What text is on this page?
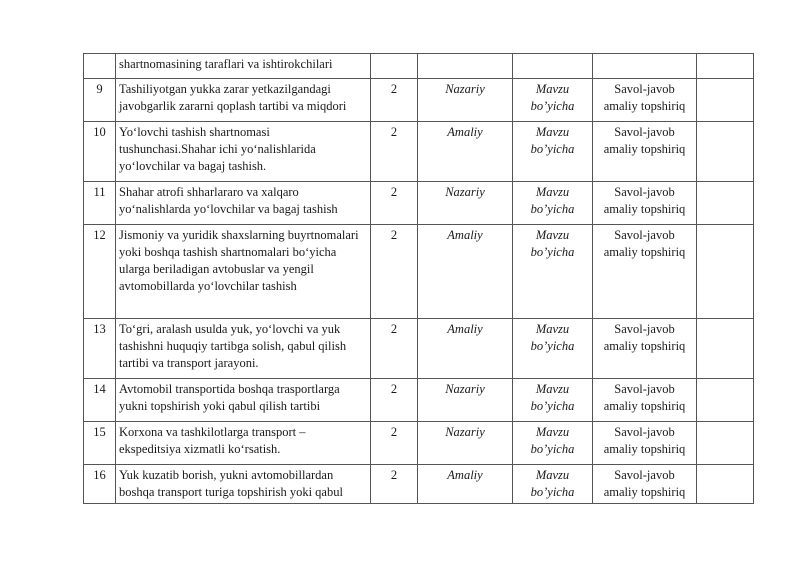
	shartnomasining taraflari va ishtirokchilari					
9	Tashiliyotgan yukka zarar yetkazilgandagi javobgarlik zararni qoplash tartibi va miqdori	2	Nazariy	Mavzu bo’yicha	Savol-javob amaliy topshiriq	
10	Yo‘lovchi tashish shartnomasi tushunchasi.Shahar ichi yo‘nalishlarida yo‘lovchilar va bagaj tashish.	2	Amaliy	Mavzu bo’yicha	Savol-javob amaliy topshiriq	
11	Shahar atrofi shharlararo va xalqaro yo‘nalishlarda yo‘lovchilar va bagaj tashish	2	Nazariy	Mavzu bo’yicha	Savol-javob amaliy topshiriq	
12	Jismoniy va yuridik shaxslarning buyrtnomalari yoki boshqa tashish shartnomalari bo‘yicha ularga beriladigan avtobuslar va yengil avtomobillarda yo‘lovchilar tashish	2	Amaliy	Mavzu bo’yicha	Savol-javob amaliy topshiriq	
13	To‘gri, aralash usulda yuk, yo‘lovchi va yuk tashishni huquqiy tartibga solish, qabul qilish tartibi va transport jarayoni.	2	Amaliy	Mavzu bo’yicha	Savol-javob amaliy topshiriq	
14	Avtomobil transportida boshqa trasportlarga yukni topshirish yoki qabul qilish tartibi	2	Nazariy	Mavzu bo’yicha	Savol-javob amaliy topshiriq	
15	Korxona va tashkilotlarga transport – ekspeditsiya xizmatli ko‘rsatish.	2	Nazariy	Mavzu bo’yicha	Savol-javob amaliy topshiriq	
16	Yuk kuzatib borish, yukni avtomobillardan boshqa transport turiga topshirish yoki qabul	2	Amaliy	Mavzu bo’yicha	Savol-javob amaliy topshiriq	
